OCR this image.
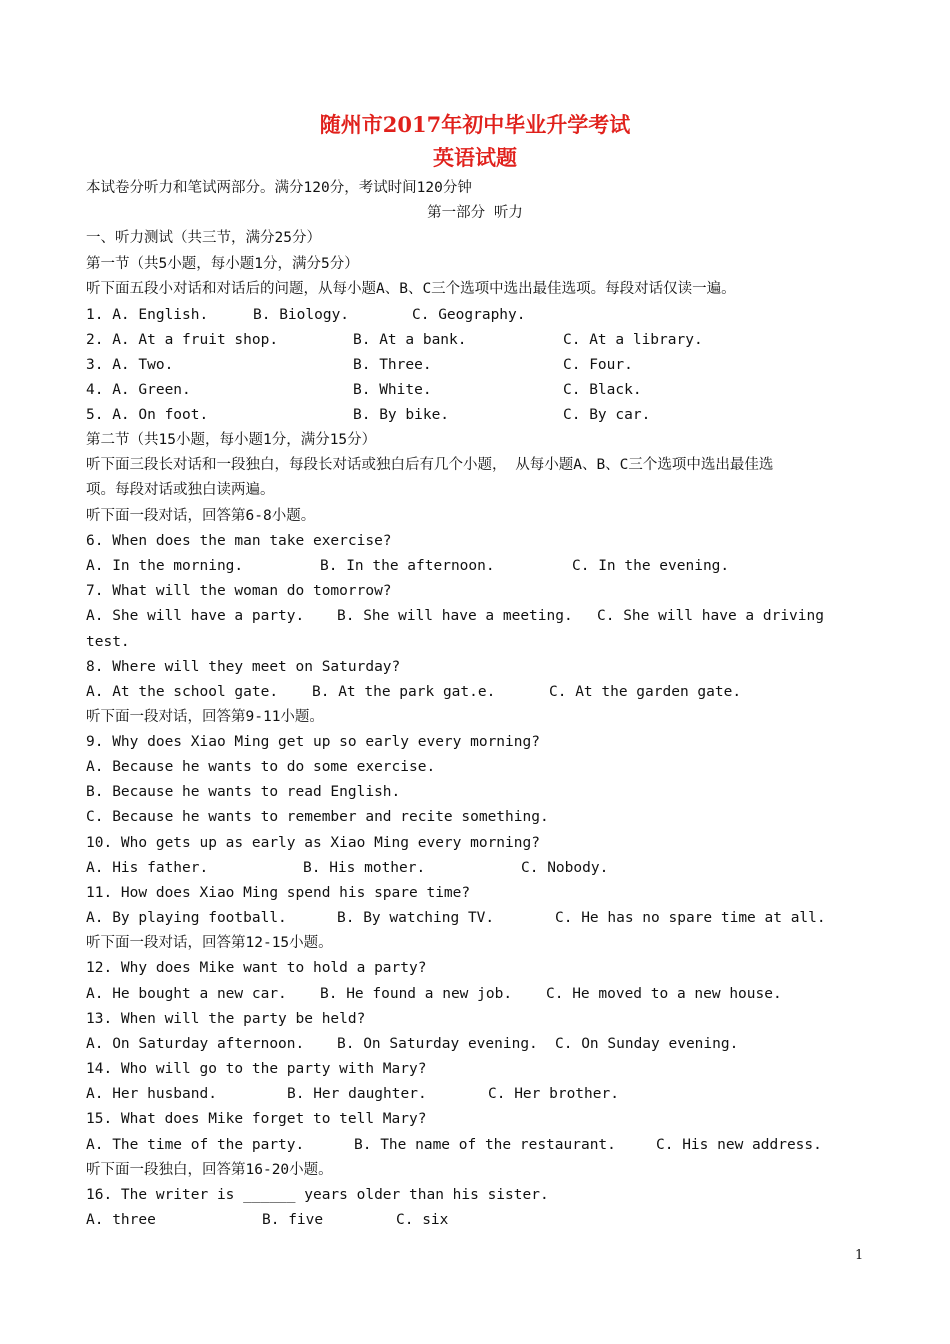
随州市2017年初中毕业升学考试
英语试题
本试卷分听力和笔试两部分。满分120分，考试时间120分钟
第一部分 听力
一、听力测试（共三节，满分25分）
第一节（共5小题，每小题1分，满分5分）
听下面五段小对话和对话后的问题，从每小题A、B、C三个选项中选出最佳选项。每段对话仅读一遍。
1. A. English.	B. Biology.	C. Geography.
2. A. At a fruit shop.	B. At a bank.	C. At a library.
3. A. Two.	B. Three.	C. Four.
4. A. Green.	B. White.	C. Black.
5. A. On foot.	B. By bike.	C. By car.
第二节（共15小题，每小题1分，满分15分）
听下面三段长对话和一段独白，每段长对话或独白后有几个小题， 从每小题A、B、C三个选项中选出最佳选
项。每段对话或独白读两遍。
听下面一段对话，回答第6-8小题。
6. When does the man take exercise?
A. In the morning.	B. In the afternoon.	C. In the evening.
7. What will the woman do tomorrow?
A. She will have a party. B. She will have a meeting. C. She will have a driving
test.
8. Where will they meet on Saturday?
A. At the school gate. B. At the park gat.e.	C. At the garden gate.
听下面一段对话，回答第9-11小题。
9. Why does Xiao Ming get up so early every morning?
A. Because he wants to do some exercise.
B. Because he wants to read English.
C. Because he wants to remember and recite something.
10. Who gets up as early as Xiao Ming every morning?
A. His father.	B. His mother.	C. Nobody.
11. How does Xiao Ming spend his spare time?
A. By playing football.	B. By watching TV.	C. He has no spare time at all.
听下面一段对话，回答第12-15小题。
12. Why does Mike want to hold a party?
A. He bought a new car. B. He found a new job. C. He moved to a new house.
13. When will the party be held?
A. On Saturday afternoon. B. On Saturday evening. C. On Sunday evening.
14. Who will go to the party with Mary?
A. Her husband.	B. Her daughter.	C. Her brother.
15. What does Mike forget to tell Mary?
A. The time of the party.	B. The name of the restaurant.	C. His new address.
听下面一段独白，回答第16-20小题。
16. The writer is ______ years older than his sister.
A. three	B. five	C. six
1
